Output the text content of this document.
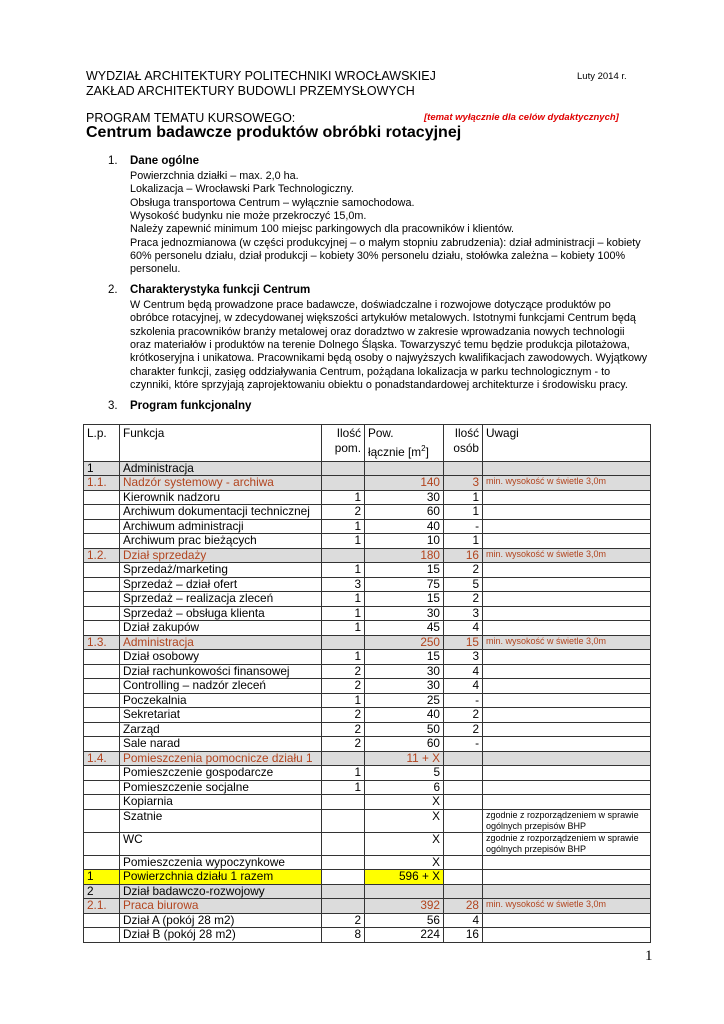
WYDZIAŁ ARCHITEKTURY POLITECHNIKI WROCŁAWSKIEJ
ZAKŁAD ARCHITEKTURY BUDOWLI PRZEMYSŁOWYCH
Luty 2014 r.
PROGRAM TEMATU KURSOWEGO:	[temat wyłącznie dla celów dydaktycznych]
Centrum badawcze produktów obróbki rotacyjnej
1. Dane ogólne
Powierzchnia działki – max. 2,0 ha.
Lokalizacja – Wrocławski Park Technologiczny.
Obsługa transportowa Centrum – wyłącznie samochodowa.
Wysokość budynku nie może przekroczyć 15,0m.
Należy zapewnić minimum 100 miejsc parkingowych dla pracowników i klientów.
Praca jednozmianowa (w części produkcyjnej – o małym stopniu zabrudzenia): dział administracji – kobiety
60% personelu działu, dział produkcji – kobiety 30% personelu działu, stołówka zależna – kobiety 100%
personelu.
2. Charakterystyka funkcji Centrum
W Centrum będą prowadzone prace badawcze, doświadczalne i rozwojowe dotyczące produktów po
obróbce rotacyjnej, w zdecydowanej większości artykułów metalowych. Istotnymi funkcjami Centrum będą
szkolenia pracowników branży metalowej oraz doradztwo w zakresie wprowadzania nowych technologii
oraz materiałów i produktów na terenie Dolnego Śląska. Towarzyszyć temu będzie produkcja pilotażowa,
krótkoseryjna i unikatowa. Pracownikami będą osoby o najwyższych kwalifikacjach zawodowych. Wyjątkowy
charakter funkcji, zasięg oddziaływania Centrum, pożądana lokalizacja w parku technologicznym - to
czynniki, które sprzyjają zaprojektowaniu obiektu o ponadstandardowej architekturze i środowisku pracy.
3. Program funkcjonalny
L.p.	Funkcja	Ilość
pom.	Pow.
łącznie $[m^2]$	Ilość
osób	Uwagi
1	Administracja				
1.1.	Nadzór systemowy - archiwa		140	3	min. wysokość w świetle 3,0m
	Kierownik nadzoru	1	30	1	
	Archiwum dokumentacji technicznej	2	60	1	
	Archiwum administracji	1	40	-	
	Archiwum prac bieżących	1	10	1	
1.2.	Dział sprzedaży		180	16	min. wysokość w świetle 3,0m
	Sprzedaż/marketing	1	15	2	
	Sprzedaż – dział ofert	3	75	5	
	Sprzedaż – realizacja zleceń	1	15	2	
	Sprzedaż – obsługa klienta	1	30	3	
	Dział zakupów	1	45	4	
1.3.	Administracja		250	15	min. wysokość w świetle 3,0m
	Dział osobowy	1	15	3	
	Dział rachunkowości finansowej	2	30	4	
	Controlling – nadzór zleceń	2	30	4	
	Poczekalnia	1	25	-	
	Sekretariat	2	40	2	
	Zarząd	2	50	2	
	Sale narad	2	60	-	
1.4.	Pomieszczenia pomocnicze działu 1		11 + X		
	Pomieszczenie gospodarcze	1	5		
	Pomieszczenie socjalne	1	6		
	Kopiarnia		X		
	Szatnie		X		zgodnie z rozporządzeniem w sprawie ogólnych przepisów BHP
	WC		X		zgodnie z rozporządzeniem w sprawie ogólnych przepisów BHP
	Pomieszczenia wypoczynkowe		X		
1	Powierzchnia działu 1 razem		596 + X		
2	Dział badawczo-rozwojowy				
2.1.	Praca biurowa		392	28	min. wysokość w świetle 3,0m
	Dział A (pokój 28 m2)	2	56	4	
	Dział B (pokój 28 m2)	8	224	16	
1
